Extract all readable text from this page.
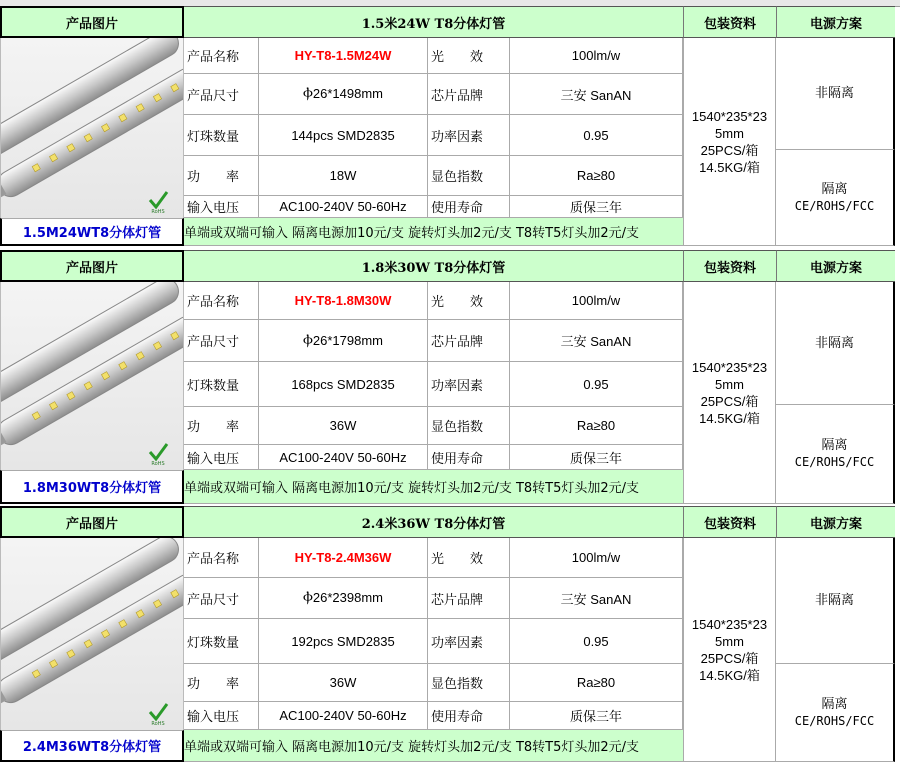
产品图片	1.5米24W T8分体灯管	包装资料	电源方案
RoHS
1.5M24WT8分体灯管
产品名称	HY-T8-1.5M24W	光　　效	100lm/w
产品尺寸	Ⲫ26*1498mm	芯片品牌	三安 SanAN
灯珠数量	144pcs SMD2835	功率因素	0.95
功　　率	18W	显色指数	Ra≥80
输入电压	AC100-240V 50-60Hz	使用寿命	质保三年
单端或双端可输入 隔离电源加10元/支 旋转灯头加2元/支 T8转T5灯头加2元/支
1540*235*23
5mm
25PCS/箱
14.5KG/箱
非隔离
隔离
CE/ROHS/FCC
产品图片	1.8米30W T8分体灯管	包装资料	电源方案
RoHS
1.8M30WT8分体灯管
产品名称	HY-T8-1.8M30W	光　　效	100lm/w
产品尺寸	Ⲫ26*1798mm	芯片品牌	三安 SanAN
灯珠数量	168pcs SMD2835	功率因素	0.95
功　　率	36W	显色指数	Ra≥80
输入电压	AC100-240V 50-60Hz	使用寿命	质保三年
单端或双端可输入 隔离电源加10元/支 旋转灯头加2元/支 T8转T5灯头加2元/支
1540*235*23
5mm
25PCS/箱
14.5KG/箱
非隔离
隔离
CE/ROHS/FCC
产品图片	2.4米36W T8分体灯管	包装资料	电源方案
RoHS
2.4M36WT8分体灯管
产品名称	HY-T8-2.4M36W	光　　效	100lm/w
产品尺寸	Ⲫ26*2398mm	芯片品牌	三安 SanAN
灯珠数量	192pcs SMD2835	功率因素	0.95
功　　率	36W	显色指数	Ra≥80
输入电压	AC100-240V 50-60Hz	使用寿命	质保三年
单端或双端可输入 隔离电源加10元/支 旋转灯头加2元/支 T8转T5灯头加2元/支
1540*235*23
5mm
25PCS/箱
14.5KG/箱
非隔离
隔离
CE/ROHS/FCC
